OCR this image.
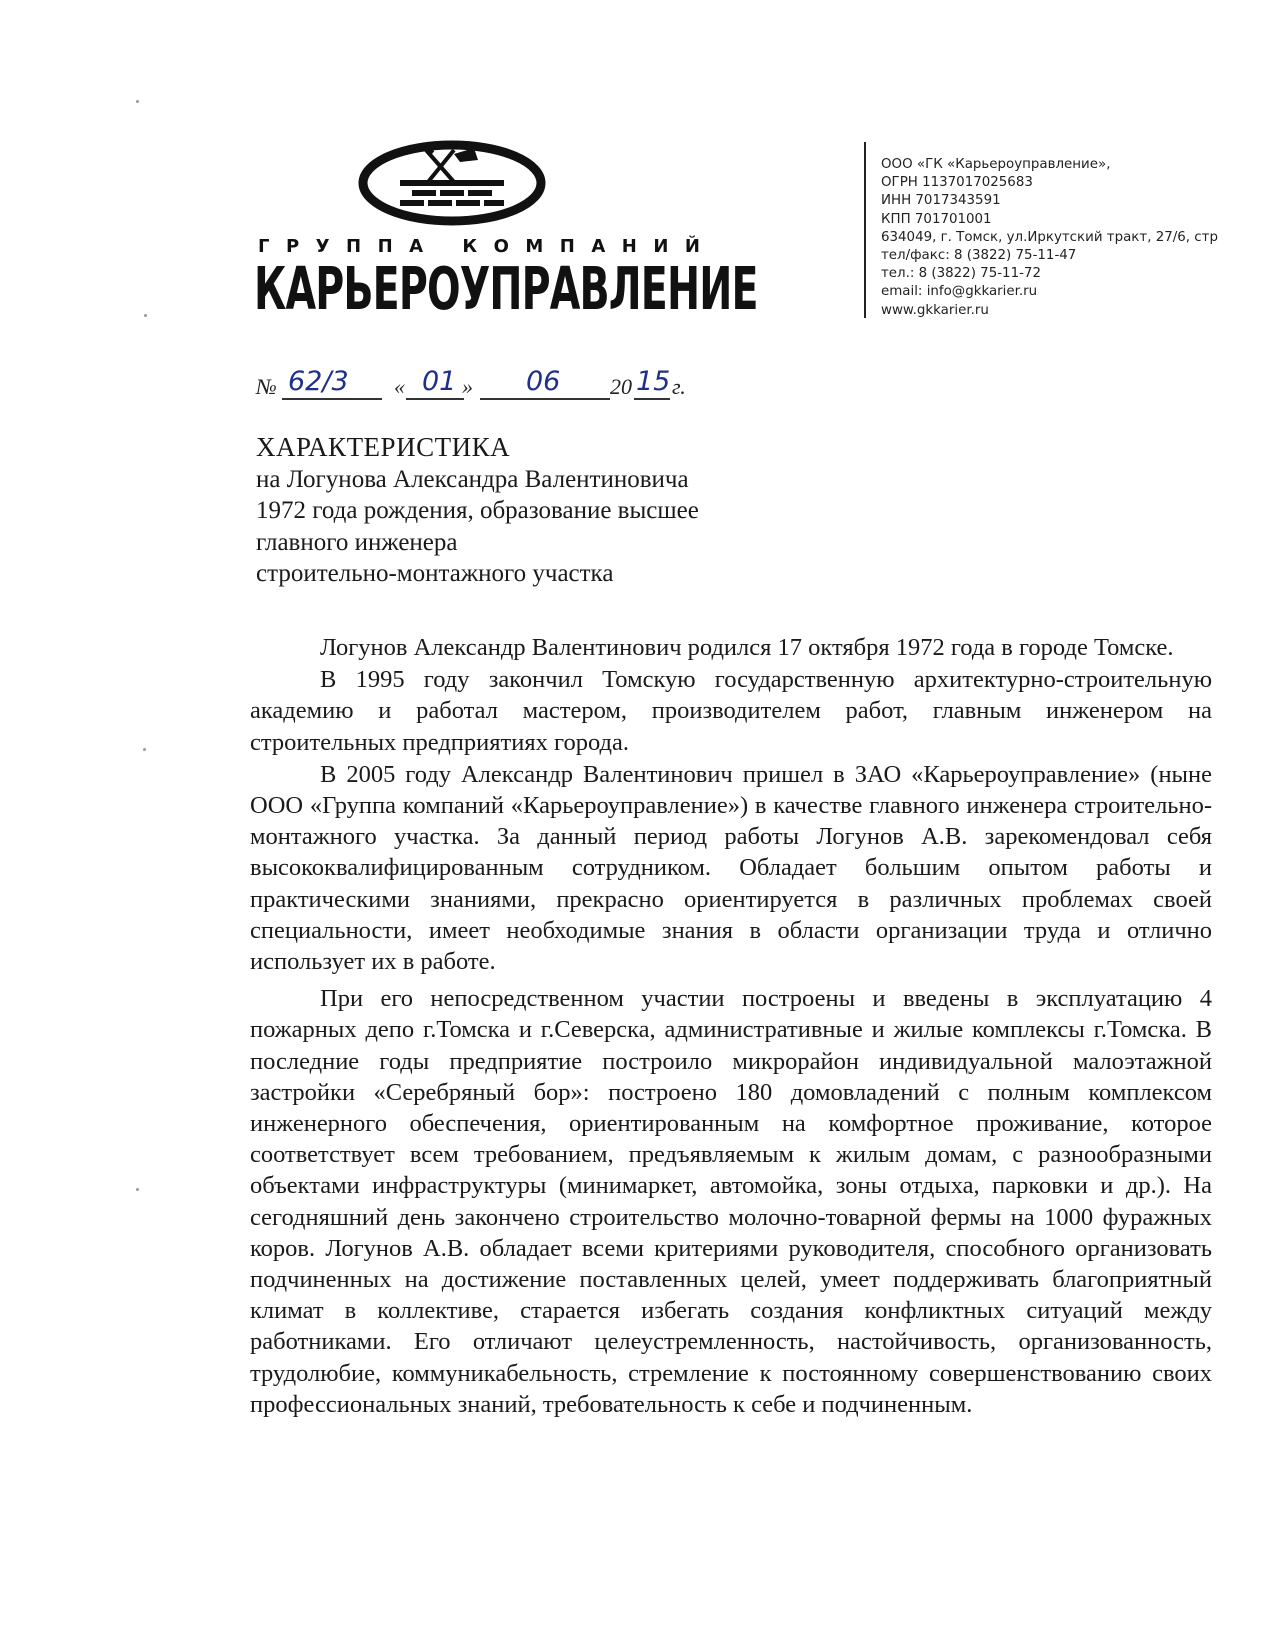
ГРУППА КОМПАНИЙ
КАРЬЕРОУПРАВЛЕНИЕ
ООО «ГК «Карьероуправление»,
ОГРН 1137017025683
ИНН 7017343591
КПП 701701001
634049, г. Томск, ул.Иркутский тракт, 27/6, стр
тел/факс: 8 (3822) 75-11-47
тел.: 8 (3822) 75-11-72
email: info@gkkarier.ru
www.gkkarier.ru
№ 62/3 « 01 » 06 20 15 г.
ХАРАКТЕРИСТИКА
на Логунова Александра Валентиновича
1972 года рождения, образование высшее
главного инженера
строительно-монтажного участка

Логунов Александр Валентинович родился 17 октября 1972 года в городе Томске.

В 1995 году закончил Томскую государственную архитектурно-строительную академию и работал мастером, производителем работ, главным инженером на строительных предприятиях города.

В 2005 году Александр Валентинович пришел в ЗАО «Карьероуправление» (ныне ООО «Группа компаний «Карьероуправление») в качестве главного инженера строительно-монтажного участка. За данный период работы Логунов А.В. зарекомендовал себя высококвалифицированным сотрудником. Обладает большим опытом работы и практическими знаниями, прекрасно ориентируется в различных проблемах своей специальности, имеет необходимые знания в области организации труда и отлично использует их в работе.

При его непосредственном участии построены и введены в эксплуатацию 4 пожарных депо г.Томска и г.Северска, административные и жилые комплексы г.Томска. В последние годы предприятие построило микрорайон индивидуальной малоэтажной застройки «Серебряный бор»: построено 180 домовладений с полным комплексом инженерного обеспечения, ориентированным на комфортное проживание, которое соответствует всем требованием, предъявляемым к жилым домам, с разнообразными объектами инфраструктуры (минимаркет, автомойка, зоны отдыха, парковки и др.). На сегодняшний день закончено строительство молочно-товарной фермы на 1000 фуражных коров. Логунов А.В. обладает всеми критериями руководителя, способного организовать подчиненных на достижение поставленных целей, умеет поддерживать благоприятный климат в коллективе, старается избегать создания конфликтных ситуаций между работниками. Его отличают целеустремленность, настойчивость, организованность, трудолюбие, коммуникабельность, стремление к постоянному совершенствованию своих профессиональных знаний, требовательность к себе и подчиненным.
